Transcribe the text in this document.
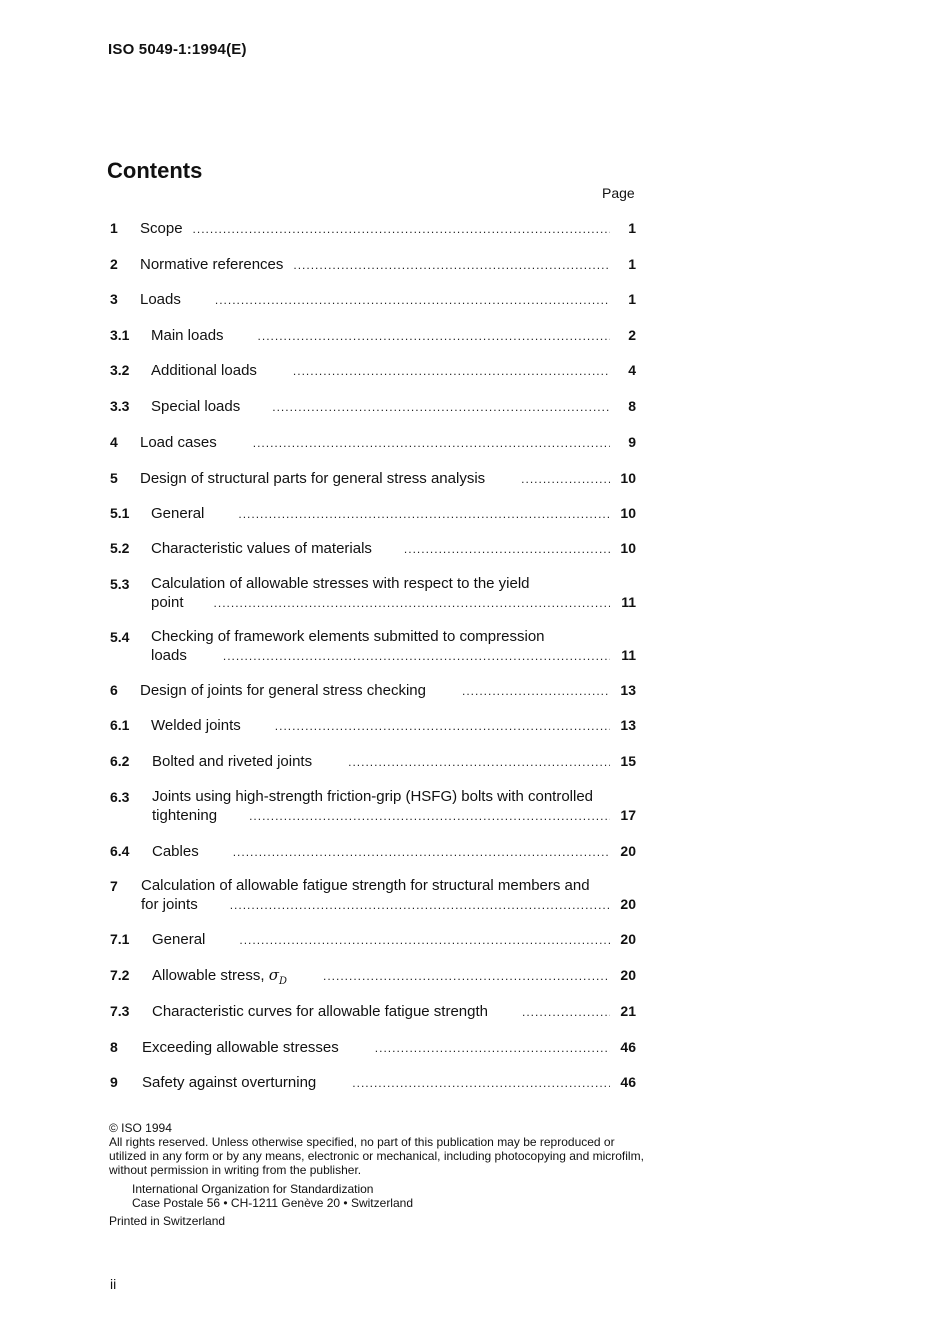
ISO 5049-1:1994(E)
Contents
Page
1 Scope .....	1
2 Normative references .....	1
3 Loads .....	1
3.1 Main loads .....	2
3.2 Additional loads .....	4
3.3 Special loads .....	8
4 Load cases .....	9
5 Design of structural parts for general stress analysis .....	10
5.1 General .....	10
5.2 Characteristic values of materials .....	10
5.3	Calculation of allowable stresses with respect to the yield
point .....	11
5.4	Checking of framework elements submitted to compression
loads .....	11
6 Design of joints for general stress checking .....	13
6.1 Welded joints .....	13
6.2 Bolted and riveted joints .....	15
6.3	Joints using high-strength friction-grip (HSFG) bolts with controlled
tightening .....	17
6.4 Cables .....	20
7	Calculation of allowable fatigue strength for structural members and
for joints .....	20
7.1 General .....	20
7.2 Allowable stress, $\sigma_D$ .....	20
7.3 Characteristic curves for allowable fatigue strength .....	21
8 Exceeding allowable stresses .....	46
9 Safety against overturning .....	46

© ISO 1994

All rights reserved. Unless otherwise specified, no part of this publication may be reproduced or utilized in any form or by any means, electronic or mechanical, including photocopying and microfilm, without permission in writing from the publisher.

International Organization for Standardization

Case Postale 56 • CH-1211 Genève 20 • Switzerland

Printed in Switzerland

ii
